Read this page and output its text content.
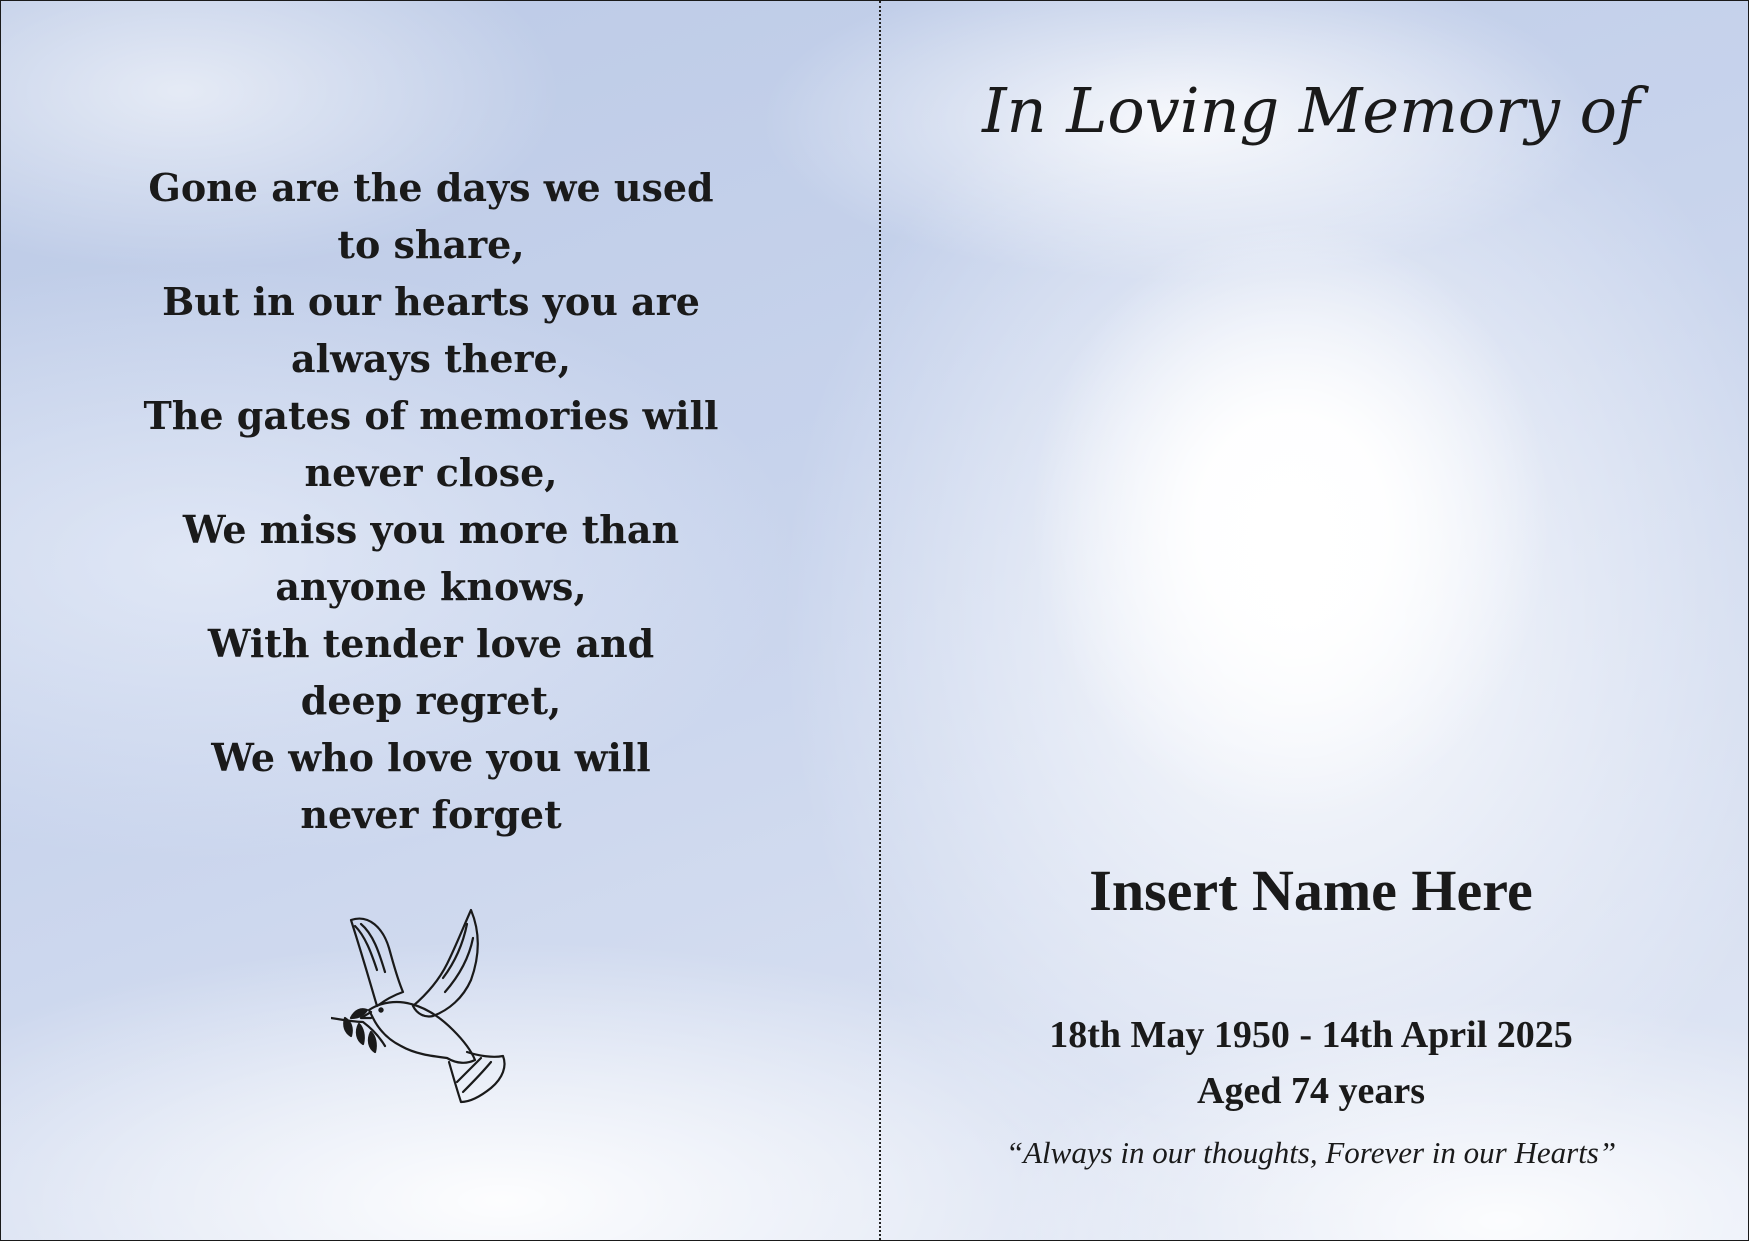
Gone are the days we used
to share,
But in our hearts you are
always there,
The gates of memories will
never close,
We miss you more than
anyone knows,
With tender love and
deep regret,
We who love you will
never forget
In Loving Memory of
Insert Name Here
18th May 1950 - 14th April 2025
Aged 74 years
“Always in our thoughts, Forever in our Hearts”
